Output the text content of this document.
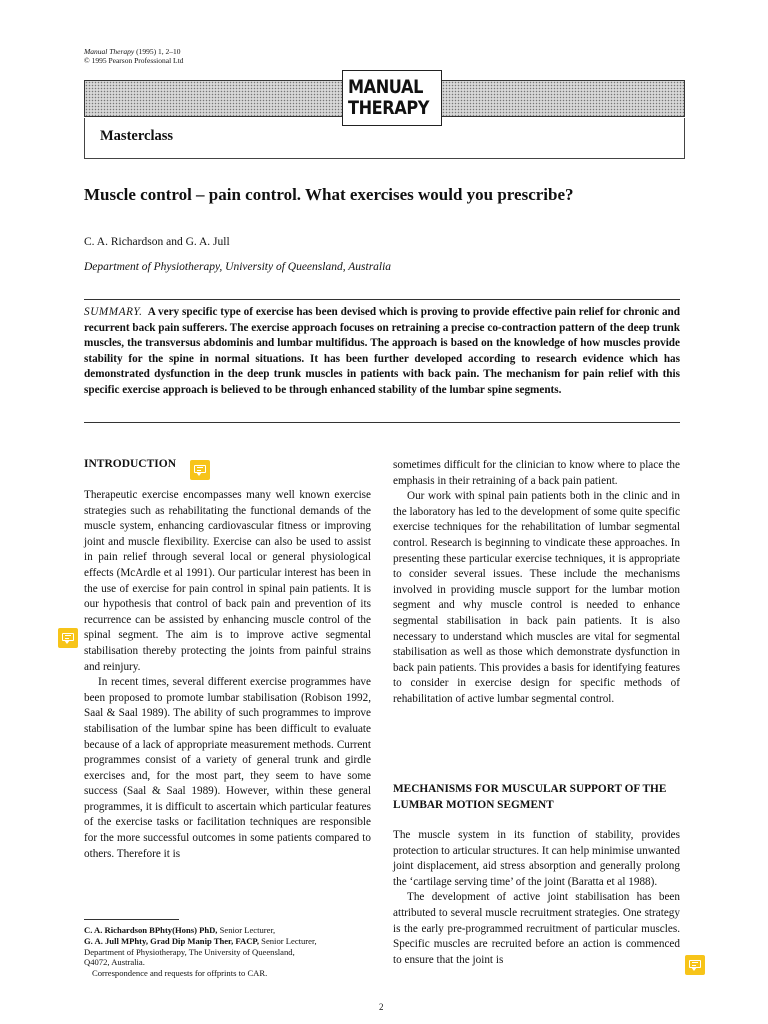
Manual Therapy (1995) 1, 2–10
© 1995 Pearson Professional Ltd
MANUAL
THERAPY
Masterclass
Muscle control – pain control. What exercises would you prescribe?
C. A. Richardson and G. A. Jull
Department of Physiotherapy, University of Queensland, Australia
SUMMARY. A very specific type of exercise has been devised which is proving to provide effective pain relief for chronic and recurrent back pain sufferers. The exercise approach focuses on retraining a precise co-contraction pattern of the deep trunk muscles, the transversus abdominis and lumbar multifidus. The approach is based on the knowledge of how muscles provide stability for the spine in normal situations. It has been further developed according to research evidence which has demonstrated dysfunction in the deep trunk muscles in patients with back pain. The mechanism for pain relief with this specific exercise approach is believed to be through enhanced stability of the lumbar spine segments.
INTRODUCTION

Therapeutic exercise encompasses many well known exercise strategies such as rehabilitating the functional demands of the muscle system, enhancing cardiovascular fitness or improving joint and muscle flexibility. Exercise can also be used to assist in pain relief through several local or general physiological effects (McArdle et al 1991). Our particular interest has been in the use of exercise for pain control in spinal pain patients. It is our hypothesis that control of back pain and prevention of its recurrence can be assisted by enhancing muscle control of the spinal segment. The aim is to improve active segmental stabilisation thereby protecting the joints from painful strains and reinjury.

In recent times, several different exercise programmes have been proposed to promote lumbar stabilisation (Robison 1992, Saal & Saal 1989). The ability of such programmes to improve stabilisation of the lumbar spine has been difficult to evaluate because of a lack of appropriate measurement methods. Current programmes consist of a variety of general trunk and girdle exercises and, for the most part, they seem to have some success (Saal & Saal 1989). However, within these general programmes, it is difficult to ascertain which particular features of the exercise tasks or facilitation techniques are responsible for the more successful outcomes in some patients compared to others. Therefore it is

sometimes difficult for the clinician to know where to place the emphasis in their retraining of a back pain patient.

Our work with spinal pain patients both in the clinic and in the laboratory has led to the development of some quite specific exercise techniques for the rehabilitation of lumbar segmental control. Research is beginning to vindicate these approaches. In presenting these particular exercise techniques, it is appropriate to consider several issues. These include the mechanisms involved in providing muscle support for the lumbar motion segment and why muscle control is needed to enhance segmental stabilisation in back pain patients. It is also necessary to understand which muscles are vital for segmental stabilisation as well as those which demonstrate dysfunction in back pain patients. This provides a basis for identifying features to consider in exercise design for specific methods of rehabilitation of active lumbar segmental control.

MECHANISMS FOR MUSCULAR SUPPORT OF THE LUMBAR MOTION SEGMENT

The muscle system in its function of stability, provides protection to articular structures. It can help minimise unwanted joint displacement, aid stress absorption and generally prolong the ‘cartilage serving time’ of the joint (Baratta et al 1988).

The development of active joint stabilisation has been attributed to several muscle recruitment strategies. One strategy is the early pre-programmed recruitment of particular muscles. Specific muscles are recruited before an action is commenced to ensure that the joint is

C. A. Richardson BPhty(Hons) PhD, Senior Lecturer,
G. A. Jull MPhty, Grad Dip Manip Ther, FACP, Senior Lecturer,
Department of Physiotherapy, The University of Queensland,
Q4072, Australia.
Correspondence and requests for offprints to CAR.
2
